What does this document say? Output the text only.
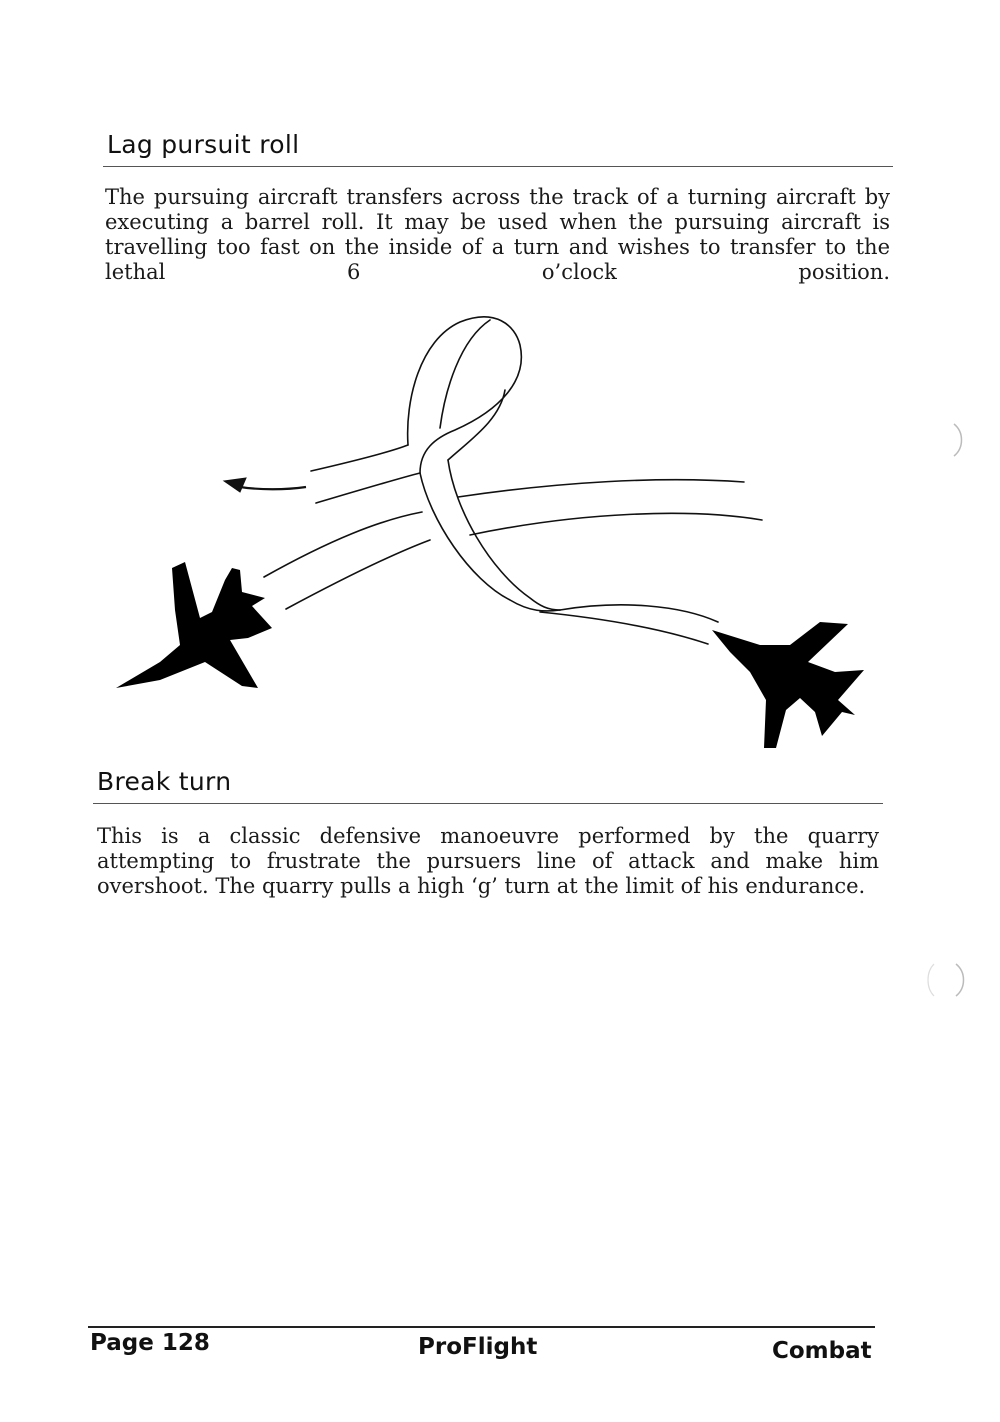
Lag pursuit roll

The pursuing aircraft transfers across the track of a turning aircraft by executing a barrel roll. It may be used when the pursuing aircraft is travelling too fast on the inside of a turn and wishes to transfer to the lethal 6 o’clock position.

Break turn

This is a classic defensive manoeuvre performed by the quarry attempting to frustrate the pursuers line of attack and make him overshoot. The quarry pulls a high ‘g’ turn at the limit of his endurance.

Page 128	ProFlight	Combat
